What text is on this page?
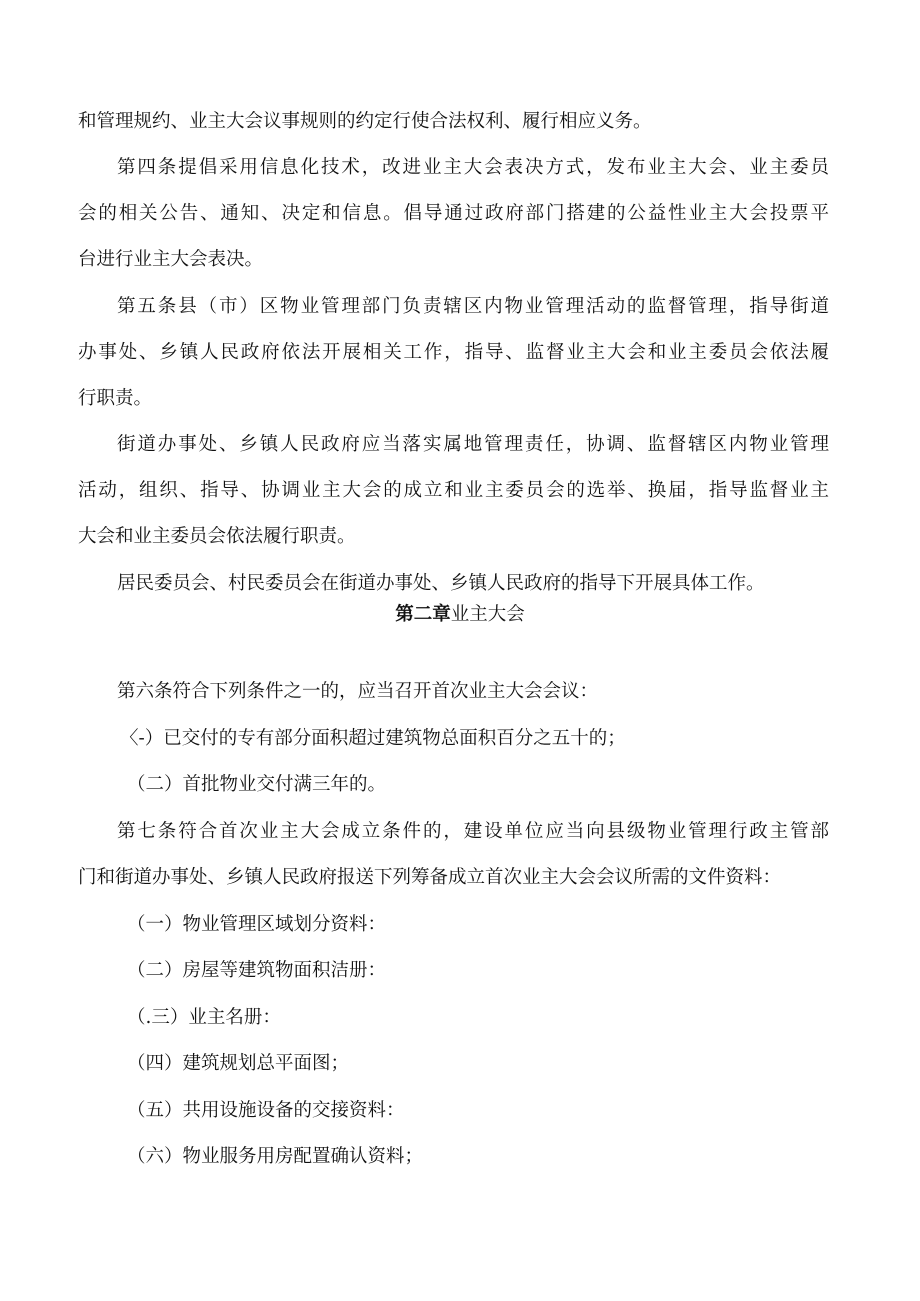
和管理规约、业主大会议事规则的约定行使合法权利、履行相应义务。
第四条提倡采用信息化技术，改进业主大会表决方式，发布业主大会、业主委员
会的相关公告、通知、决定和信息。倡导通过政府部门搭建的公益性业主大会投票平
台进行业主大会表决。
第五条县（市）区物业管理部门负责辖区内物业管理活动的监督管理，指导街道
办事处、乡镇人民政府依法开展相关工作，指导、监督业主大会和业主委员会依法履
行职责。
街道办事处、乡镇人民政府应当落实属地管理责任，协调、监督辖区内物业管理
活动，组织、指导、协调业主大会的成立和业主委员会的选举、换届，指导监督业主
大会和业主委员会依法履行职责。
居民委员会、村民委员会在街道办事处、乡镇人民政府的指导下开展具体工作。
第二章业主大会
第六条符合下列条件之一的，应当召开首次业主大会会议：
〈-）已交付的专有部分面积超过建筑物总面积百分之五十的；
（二）首批物业交付满三年的。
第七条符合首次业主大会成立条件的，建设单位应当向县级物业管理行政主管部
门和街道办事处、乡镇人民政府报送下列筹备成立首次业主大会会议所需的文件资料：
（一）物业管理区域划分资料：
（二）房屋等建筑物面积洁册：
（.三）业主名册：
（四）建筑规划总平面图；
（五）共用设施设备的交接资料：
（六）物业服务用房配置确认资料；
